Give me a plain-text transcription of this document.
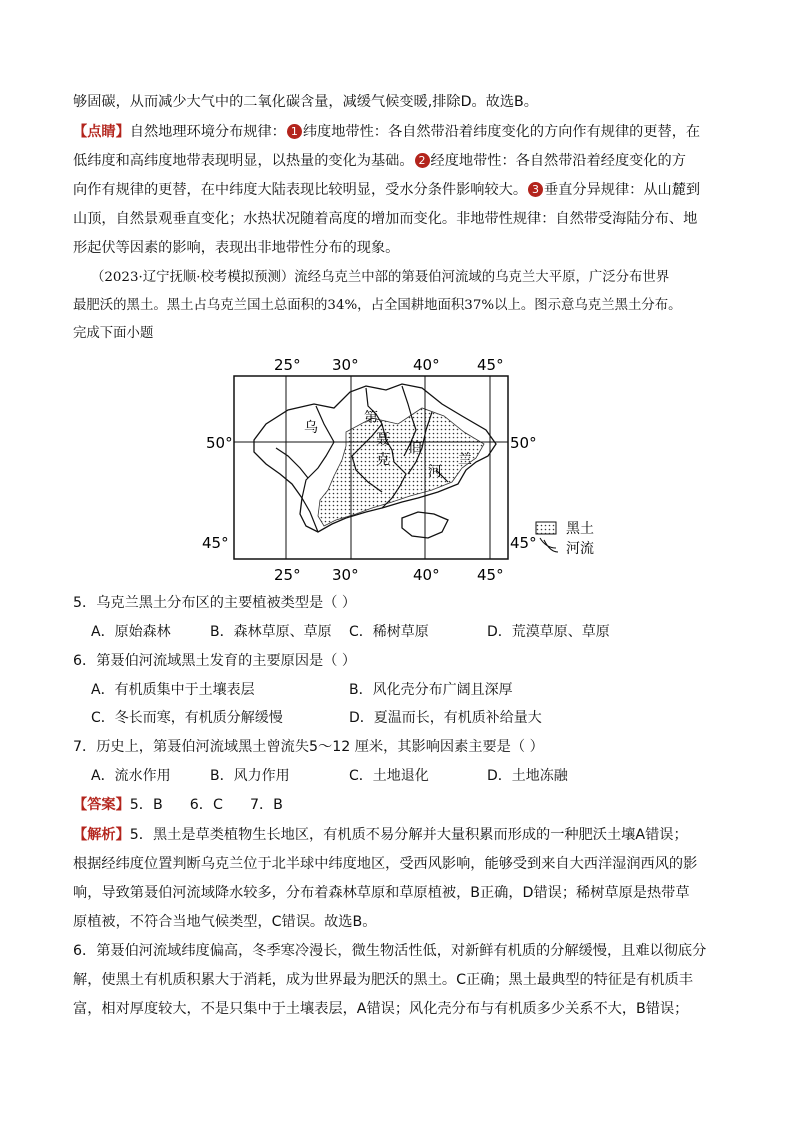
够固碳，从而减少大气中的二氧化碳含量，减缓气候变暖,排除D。故选B。
【点睛】自然地理环境分布规律： 1 纬度地带性：各自然带沿着纬度变化的方向作有规律的更替，在
低纬度和高纬度地带表现明显，以热量的变化为基础。 2 经度地带性：各自然带沿着经度变化的方
向作有规律的更替，在中纬度大陆表现比较明显，受水分条件影响较大。 3 垂直分异规律：从山麓到
山顶，自然景观垂直变化；水热状况随着高度的增加而变化。非地带性规律：自然带受海陆分布、地
形起伏等因素的影响，表现出非地带性分布的现象。
（2023·辽宁抚顺·校考模拟预测）流经乌克兰中部的第聂伯河流域的乌克兰大平原，广泛分布世界
最肥沃的黑土。黑土占乌克兰国土总面积的34%，占全国耕地面积37%以上。图示意乌克兰黑土分布。
完成下面小题
25° 30°	40° 45°
乌
克	兰
第
聂 伯
河
50°	50°
45°	45°
25° 30°	40° 45°
黑土
河流
5．乌克兰黑土分布区的主要植被类型是（ ）
A．原始森林	B．森林草原、草原 C．稀树草原	D．荒漠草原、草原
6．第聂伯河流域黑土发育的主要原因是（ ）
A．有机质集中于土壤表层	B．风化壳分布广阔且深厚
C．冬长而寒，有机质分解缓慢	D．夏温而长，有机质补给量大
7．历史上，第聂伯河流域黑土曾流失5～12 厘米，其影响因素主要是（ ）
A．流水作用	B．风力作用	C．土地退化	D．土地冻融
【答案】5．B      6．C      7．B
【解析】5．黑土是草类植物生长地区，有机质不易分解并大量积累而形成的一种肥沃土壤A错误；
根据经纬度位置判断乌克兰位于北半球中纬度地区，受西风影响，能够受到来自大西洋湿润西风的影
响，导致第聂伯河流域降水较多，分布着森林草原和草原植被，B正确，D错误；稀树草原是热带草
原植被，不符合当地气候类型，C错误。故选B。
6．第聂伯河流域纬度偏高，冬季寒冷漫长，微生物活性低，对新鲜有机质的分解缓慢，且难以彻底分
解，使黑土有机质积累大于消耗，成为世界最为肥沃的黑土。C正确；黑土最典型的特征是有机质丰
富，相对厚度较大，不是只集中于土壤表层，A错误；风化壳分布与有机质多少关系不大，B错误；
